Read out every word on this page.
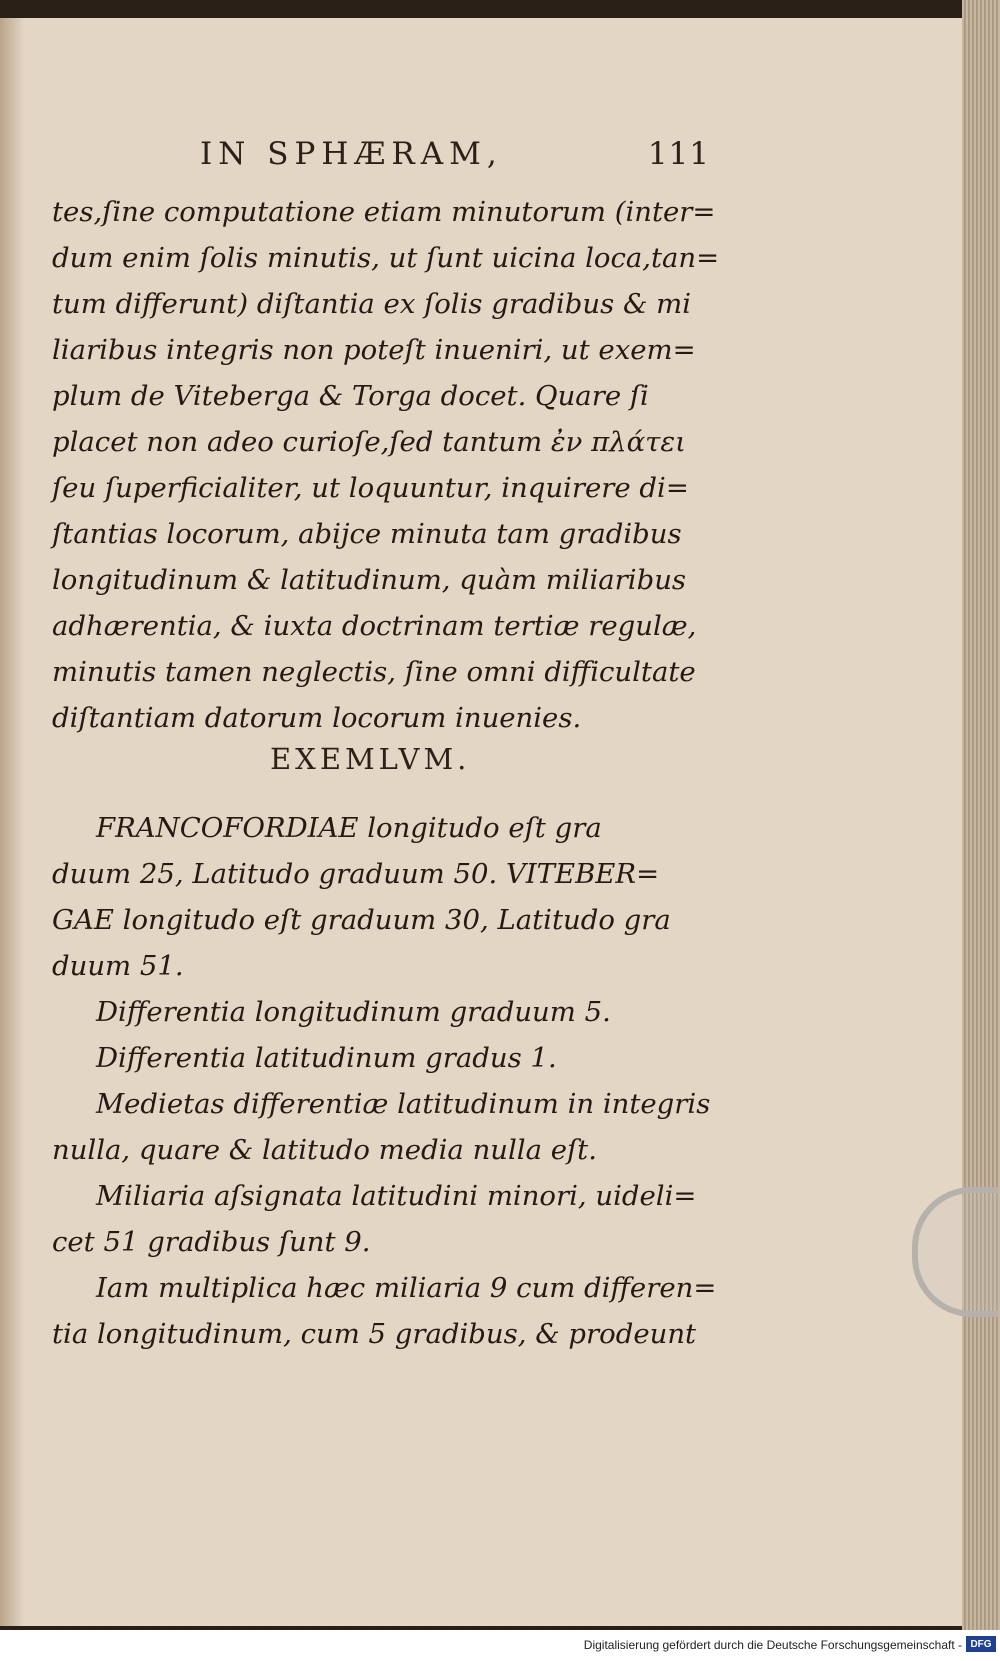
IN SPHÆRAM,	111
tes,ſine computatione etiam minutorum (inter=
dum enim ſolis minutis, ut ſunt uicina loca,tan=
tum differunt) diſtantia ex ſolis gradibus & mi
liaribus integris non poteſt inueniri, ut exem=
plum de Viteberga & Torga docet. Quare ſi
placet non adeo curioſe,ſed tantum ἐν πλάτει
ſeu ſuperficialiter, ut loquuntur, inquirere di=
ſtantias locorum, abijce minuta tam gradibus
longitudinum & latitudinum, quàm miliaribus
adhærentia, & iuxta doctrinam tertiæ regulæ,
minutis tamen neglectis, ſine omni difficultate
diſtantiam datorum locorum inuenies.
EXEMLVM.
FRANCOFORDIAE longitudo eſt gra
duum 25, Latitudo graduum 50. VITEBER=
GAE longitudo eſt graduum 30, Latitudo gra
duum 51.
Differentia longitudinum graduum 5.
Differentia latitudinum gradus 1.
Medietas differentiæ latitudinum in integris
nulla, quare & latitudo media nulla eſt.
Miliaria aſsignata latitudini minori, uideli=
cet 51 gradibus ſunt 9.
Iam multiplica hæc miliaria 9 cum differen=
tia longitudinum, cum 5 gradibus, & prodeunt
Digitalisierung gefördert durch die Deutsche Forschungsgemeinschaft - DFG
